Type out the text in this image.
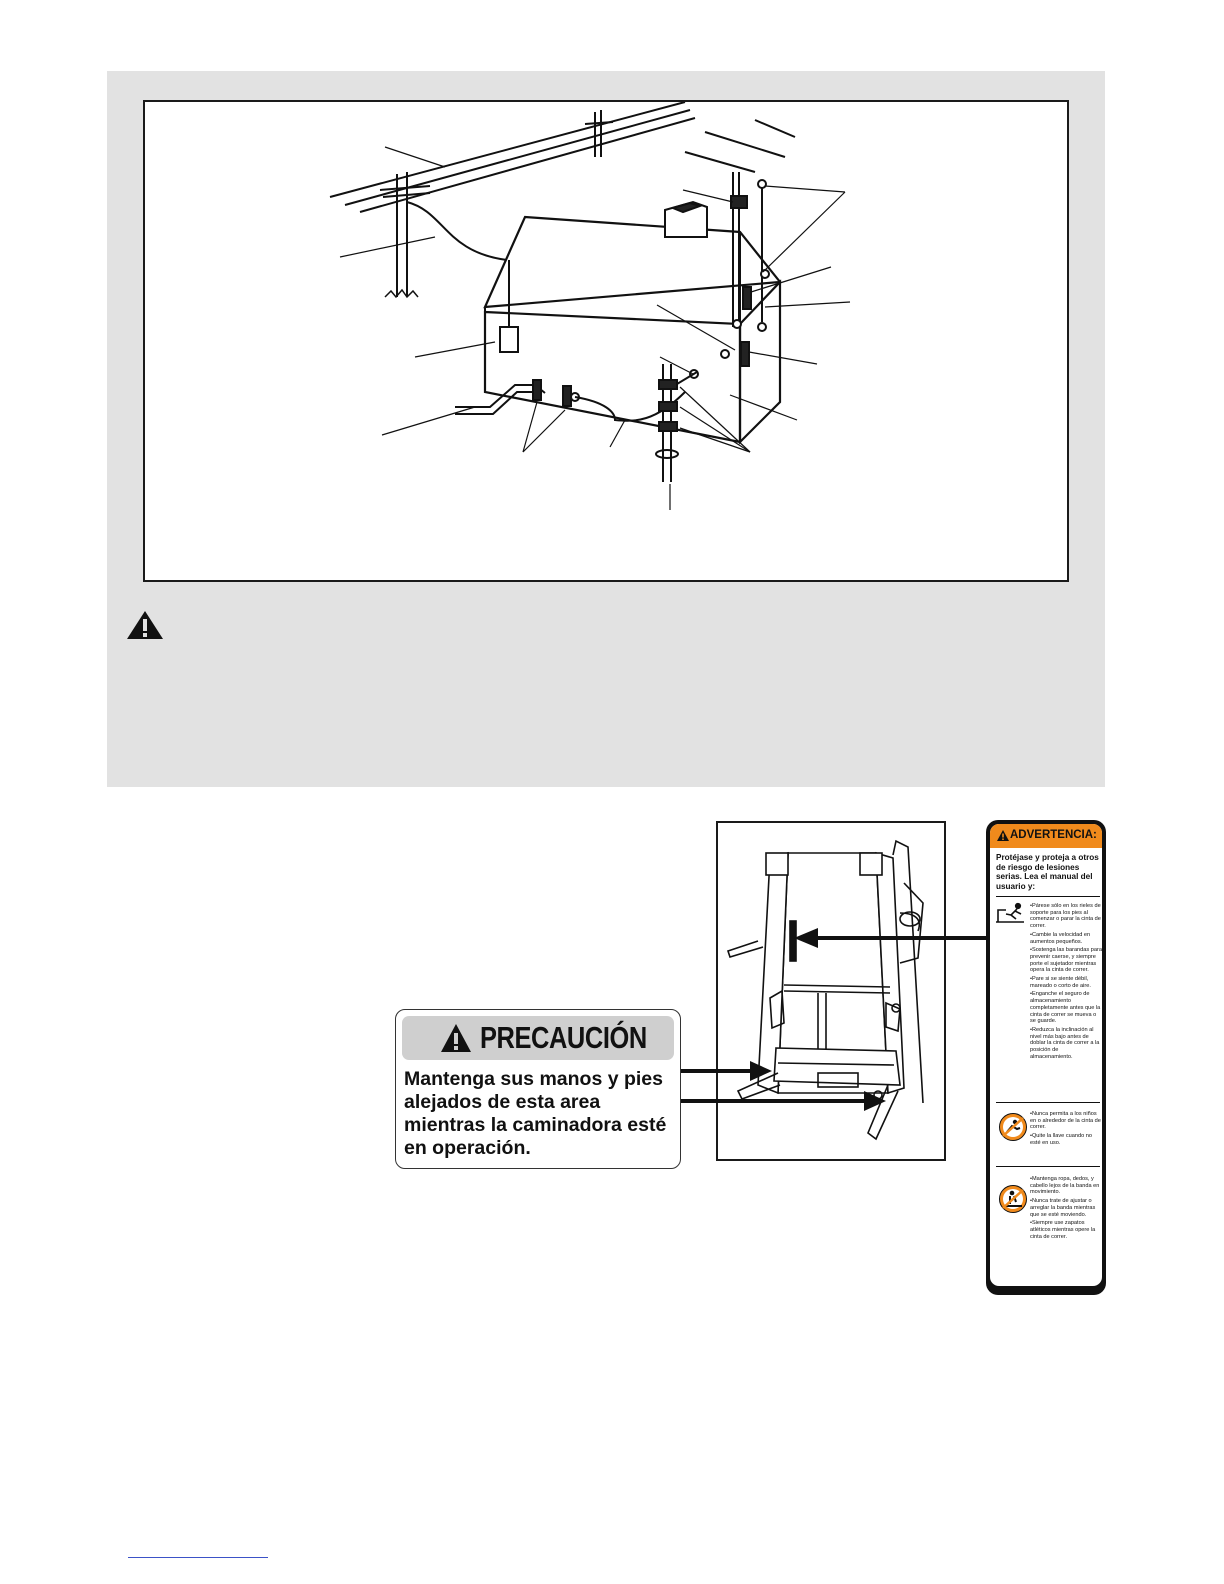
PRECAUCIÓN
Mantenga sus manos y pies alejados de esta area mientras la caminadora esté en operación.
ADVERTENCIA:
Protéjase y proteja a otros de riesgo de lesiones serias. Lea el manual del usuario y:
•Párese sólo en los rieles de soporte para los pies al comenzar o parar la cinta de correr.
•Cambie la velocidad en aumentos pequeños.
•Sostenga las barandas para prevenir caerse, y siempre porte el sujetador mientras opera la cinta de correr.
•Pare si se siente débil, mareado o corto de aire.
•Enganche el seguro de almacenamiento completamente antes que la cinta de correr se mueva o se guarde.
•Reduzca la inclinación al nivel más bajo antes de doblar la cinta de correr a la posición de almacenamiento.
•Nunca permita a los niños en o alrededor de la cinta de correr.
•Quite la llave cuando no esté en uso.
•Mantenga ropa, dedos, y cabello lejos de la banda en movimiento.
•Nunca trate de ajustar o arreglar la banda mientras que se esté moviendo.
•Siempre use zapatos atléticos mientras opere la cinta de correr.
